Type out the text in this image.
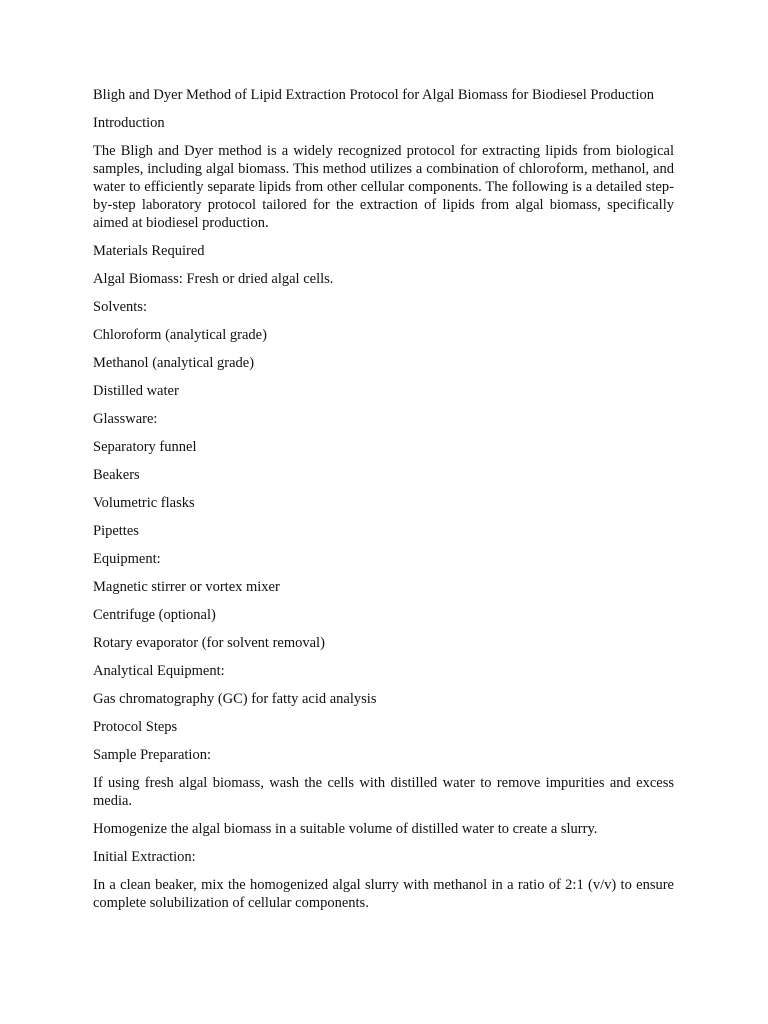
Bligh and Dyer Method of Lipid Extraction Protocol for Algal Biomass for Biodiesel Production

Introduction

The Bligh and Dyer method is a widely recognized protocol for extracting lipids from biological samples, including algal biomass. This method utilizes a combination of chloroform, methanol, and water to efficiently separate lipids from other cellular components. The following is a detailed step-by-step laboratory protocol tailored for the extraction of lipids from algal biomass, specifically aimed at biodiesel production.

Materials Required

Algal Biomass: Fresh or dried algal cells.

Solvents:

Chloroform (analytical grade)

Methanol (analytical grade)

Distilled water

Glassware:

Separatory funnel

Beakers

Volumetric flasks

Pipettes

Equipment:

Magnetic stirrer or vortex mixer

Centrifuge (optional)

Rotary evaporator (for solvent removal)

Analytical Equipment:

Gas chromatography (GC) for fatty acid analysis

Protocol Steps

Sample Preparation:

If using fresh algal biomass, wash the cells with distilled water to remove impurities and excess media.

Homogenize the algal biomass in a suitable volume of distilled water to create a slurry.

Initial Extraction:

In a clean beaker, mix the homogenized algal slurry with methanol in a ratio of 2:1 (v/v) to ensure complete solubilization of cellular components.
